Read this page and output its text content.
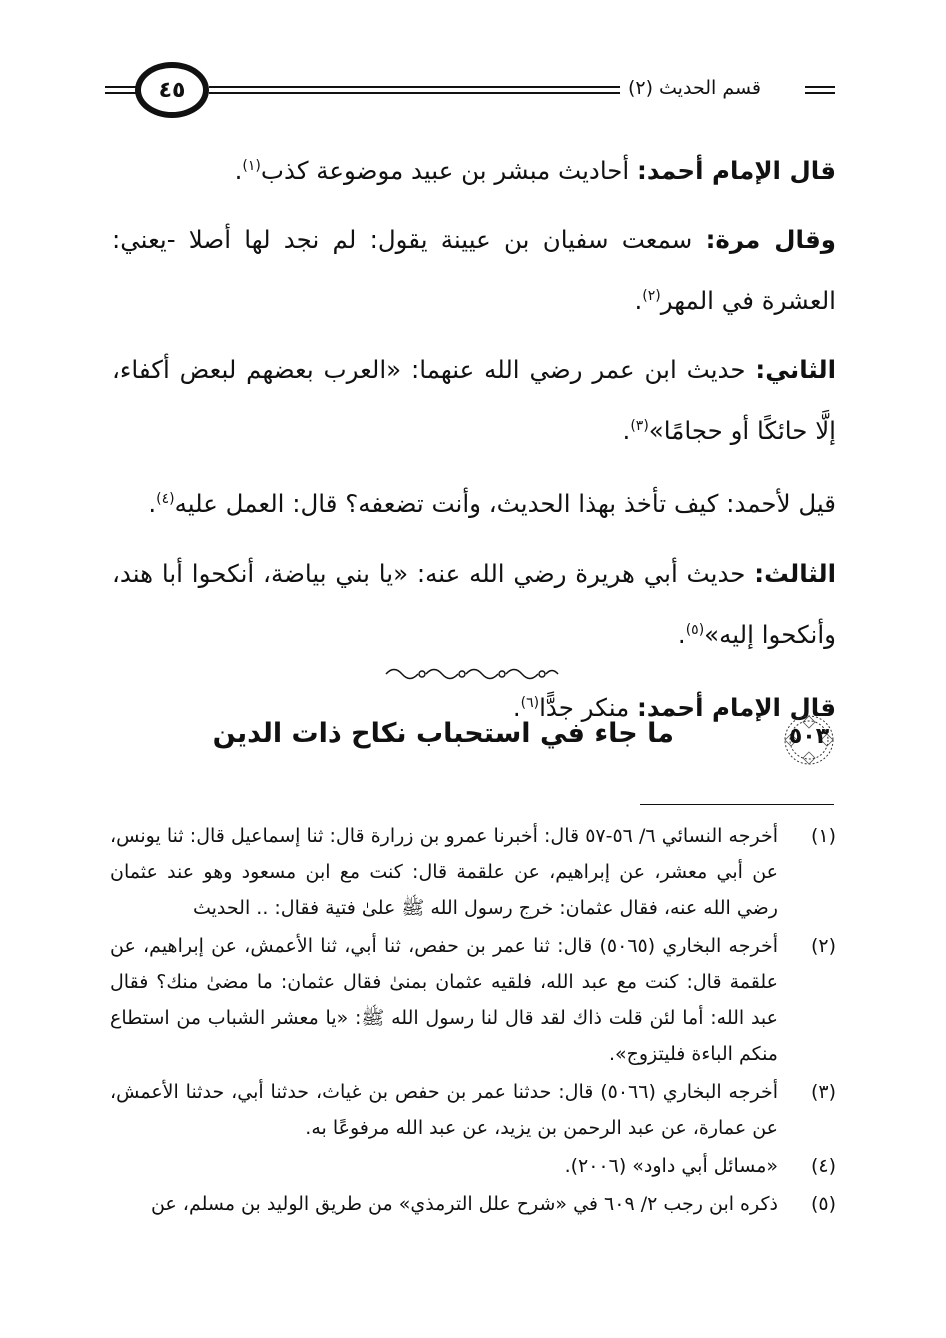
قسم الحديث (٢)
٤٥

قال الإمام أحمد: أحاديث مبشر بن عبيد موضوعة كذب$^{(١)}$.

وقال مرة: سمعت سفيان بن عيينة يقول: لم نجد لها أصلا -يعني: العشرة في المهر$^{(٢)}$.

الثاني: حديث ابن عمر رضي الله عنهما: «العرب بعضهم لبعض أكفاء، إلَّا حائكًا أو حجامًا»$^{(٣)}$.

قيل لأحمد: كيف تأخذ بهذا الحديث، وأنت تضعفه؟ قال: العمل عليه$^{(٤)}$.

الثالث: حديث أبي هريرة رضي الله عنه: «يا بني بياضة، أنكحوا أبا هند، وأنكحوا إليه»$^{(٥)}$.

قال الإمام أحمد: منكر جدًّا$^{(٦)}$.

٥٠٣
ما جاء في استحباب نكاح ذات الدين
(١)
أخرجه النسائي ٦/ ٥٦-٥٧ قال: أخبرنا عمرو بن زرارة قال: ثنا إسماعيل قال: ثنا يونس، عن أبي معشر، عن إبراهيم، عن علقمة قال: كنت مع ابن مسعود وهو عند عثمان رضي الله عنه، فقال عثمان: خرج رسول الله ﷺ علىٰ فتية فقال: .. الحديث
(٢)
أخرجه البخاري (٥٠٦٥) قال: ثنا عمر بن حفص، ثنا أبي، ثنا الأعمش، عن إبراهيم، عن علقمة قال: كنت مع عبد الله، فلقيه عثمان بمنىٰ فقال عثمان: ما مضىٰ منك؟ فقال عبد الله: أما لئن قلت ذاك لقد قال لنا رسول الله ﷺ: «يا معشر الشباب من استطاع منكم الباءة فليتزوج».
(٣)
أخرجه البخاري (٥٠٦٦) قال: حدثنا عمر بن حفص بن غياث، حدثنا أبي، حدثنا الأعمش، عن عمارة، عن عبد الرحمن بن يزيد، عن عبد الله مرفوعًا به.
(٤)
«مسائل أبي داود» (٢٠٠٦).
(٥)
ذكره ابن رجب ٢/ ٦٠٩ في «شرح علل الترمذي» من طريق الوليد بن مسلم، عن
